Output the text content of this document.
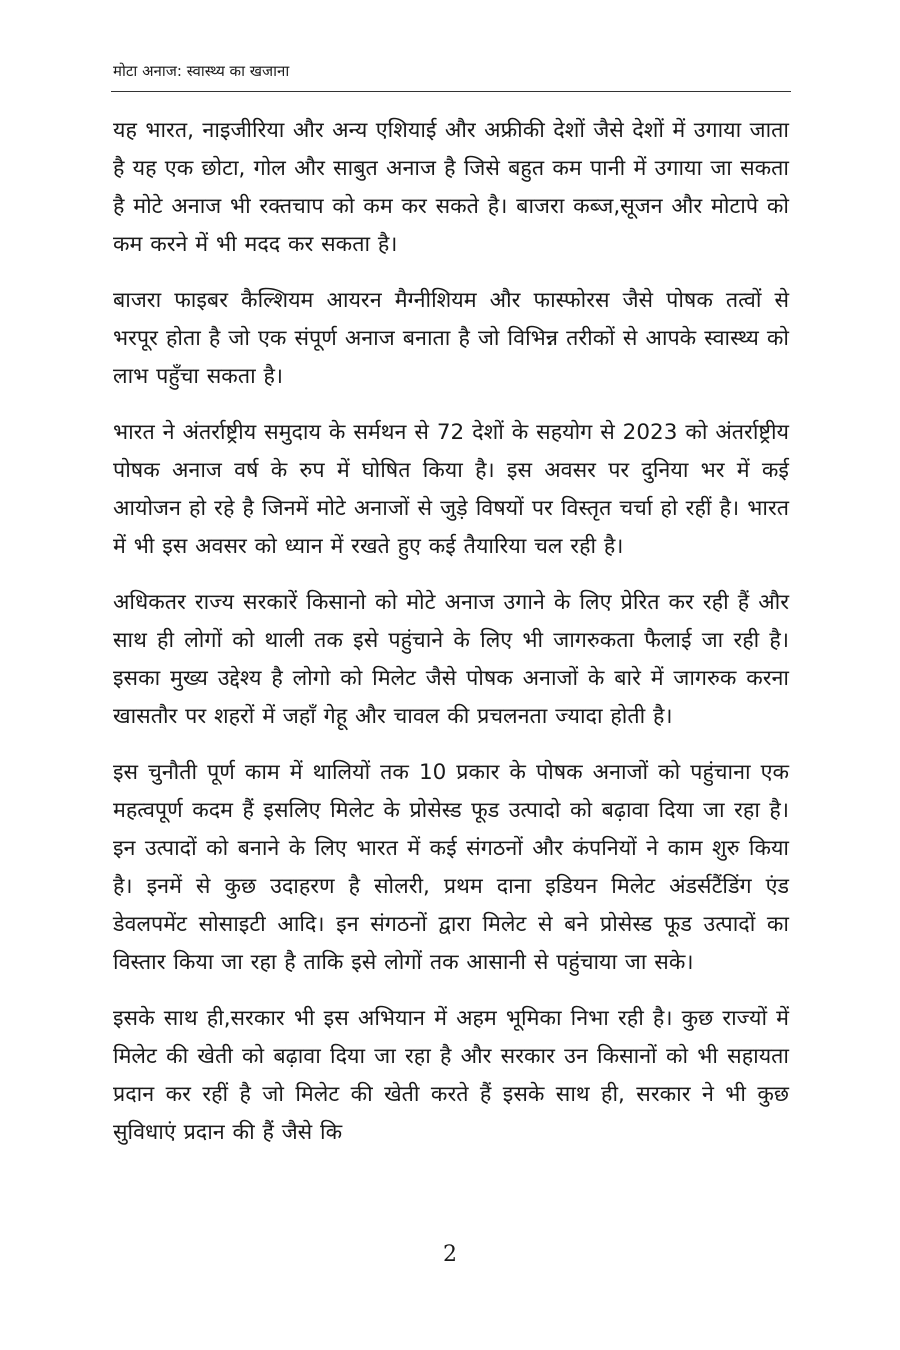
मोटा अनाज: स्वास्थ्य का खजाना

यह भारत, नाइजीरिया और अन्य एशियाई और अफ्रीकी देशों जैसे देशों में उगाया जाता है यह एक छोटा, गोल और साबुत अनाज है जिसे बहुत कम पानी में उगाया जा सकता है मोटे अनाज भी रक्तचाप को कम कर सकते है। बाजरा कब्ज,सूजन और मोटापे को कम करने में भी मदद कर सकता है।

बाजरा फाइबर कैल्शियम आयरन मैग्नीशियम और फास्फोरस जैसे पोषक तत्वों से भरपूर होता है जो एक संपूर्ण अनाज बनाता है जो विभिन्न तरीकों से आपके स्वास्थ्य को लाभ पहुँचा सकता है।

भारत ने अंतर्राष्ट्रीय समुदाय के सर्मथन से 72 देशों के सहयोग से 2023 को अंतर्राष्ट्रीय पोषक अनाज वर्ष के रुप में घोषित किया है। इस अवसर पर दुनिया भर में कई आयोजन हो रहे है जिनमें मोटे अनाजों से जुड़े विषयों पर विस्तृत चर्चा हो रहीं है। भारत में भी इस अवसर को ध्यान में रखते हुए कई तैयारिया चल रही है।

अधिकतर राज्य सरकारें किसानो को मोटे अनाज उगाने के लिए प्रेरित कर रही हैं और साथ ही लोगों को थाली तक इसे पहुंचाने के लिए भी जागरुकता फैलाई जा रही है। इसका मुख्य उद्देश्य है लोगो को मिलेट जैसे पोषक अनाजों के बारे में जागरुक करना खासतौर पर शहरों में जहॉं गेहू और चावल की प्रचलनता ज्यादा होती है।

इस चुनौती पूर्ण काम में थालियों तक 10 प्रकार के पोषक अनाजों को पहुंचाना एक महत्वपूर्ण कदम हैं इसलिए मिलेट के प्रोसेस्ड फूड उत्पादो को बढ़ावा दिया जा रहा है। इन उत्पादों को बनाने के लिए भारत में कई संगठनों और कंपनियों ने काम शुरु किया है। इनमें से कुछ उदाहरण है सोलरी, प्रथम दाना इडियन मिलेट अंडर्सटैंडिंग एंड डेवलपमेंट सोसाइटी आदि। इन संगठनों द्वारा मिलेट से बने प्रोसेस्ड फूड उत्पादों का विस्तार किया जा रहा है ताकि इसे लोगों तक आसानी से पहुंचाया जा सके।

इसके साथ ही,सरकार भी इस अभियान में अहम भूमिका निभा रही है। कुछ राज्यों में मिलेट की खेती को बढ़ावा दिया जा रहा है और सरकार उन किसानों को भी सहायता प्रदान कर रहीं है जो मिलेट की खेती करते हैं इसके साथ ही, सरकार ने भी कुछ सुविधाएं प्रदान की हैं जैसे कि

2
